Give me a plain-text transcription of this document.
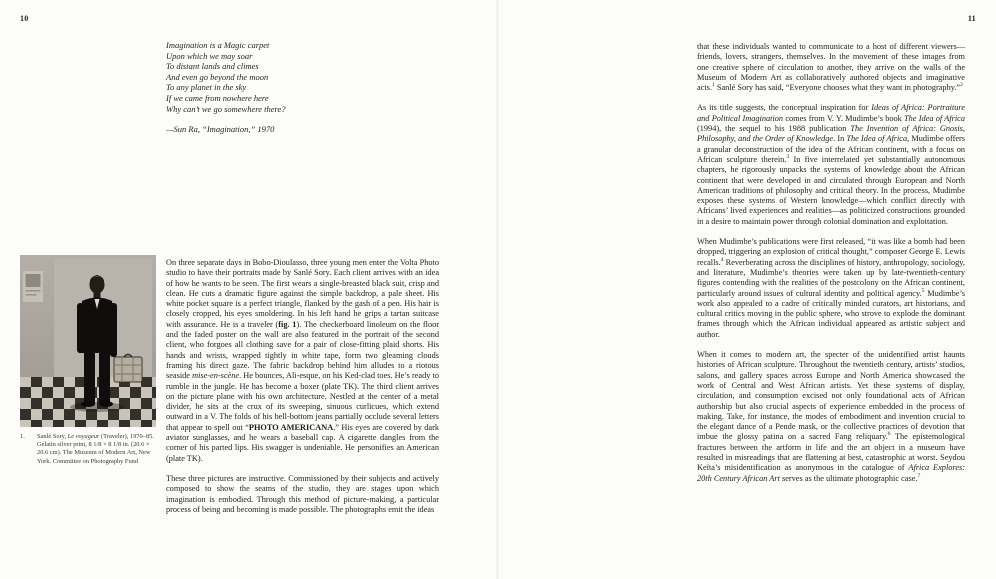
10
Imagination is a Magic carpet
Upon which we may soar
To distant lands and climes
And even go beyond the moon
To any planet in the sky
If we came from nowhere here
Why can’t we go somewhere there?
—Sun Ra, “Imagination,” 1970
1.	Sanlé Sory, Le voyageur (Traveler), 1970–85. Gelatin silver print, 8 1/8 × 8 1/8 in. (20.6 × 20.6 cm). The Museum of Modern Art, New York. Committee on Photography Fund

On three separate days in Bobo-Dioulasso, three young men enter the Volta Photo studio to have their portraits made by Sanlé Sory. Each client arrives with an idea of how he wants to be seen. The first wears a single-breasted black suit, crisp and clean. He cuts a dramatic figure against the simple backdrop, a pale sheet. His white pocket square is a perfect triangle, flanked by the gash of a pen. His hair is closely cropped, his eyes smoldering. In his left hand he grips a tartan suitcase with assurance. He is a traveler (fig. 1). The checkerboard linoleum on the floor and the faded poster on the wall are also featured in the portrait of the second client, who forgoes all clothing save for a pair of close-fitting plaid shorts. His hands and wrists, wrapped tightly in white tape, form two gleaming clouds framing his direct gaze. The fabric backdrop behind him alludes to a riotous seaside mise-en-scène. He bounces, Ali-esque, on his Ked-clad toes. He’s ready to rumble in the jungle. He has become a boxer (plate TK). The third client arrives on the picture plane with his own architecture. Nestled at the center of a metal divider, he sits at the crux of its sweeping, sinuous curlicues, which extend outward in a V. The folds of his bell-bottom jeans partially occlude several letters that appear to spell out “PHOTO AMERICANA.” His eyes are covered by dark aviator sunglasses, and he wears a baseball cap. A cigarette dangles from the corner of his parted lips. His swagger is undeniable. He personifies an American (plate TK).

These three pictures are instructive. Commissioned by their subjects and actively composed to show the seams of the studio, they are stages upon which imagination is embodied. Through this method of picture-making, a particular process of being and becoming is made possible. The photographs emit the ideas

11

that these individuals wanted to communicate to a host of different viewers—friends, lovers, strangers, themselves. In the movement of these images from one creative sphere of circulation to another, they arrive on the walls of the Museum of Modern Art as collaboratively authored objects and imaginative acts.$^1$ Sanlé Sory has said, “Everyone chooses what they want in photography.”$^2$

As its title suggests, the conceptual inspiration for Ideas of Africa: Portraiture and Political Imagination comes from V. Y. Mudimbe’s book The Idea of Africa (1994), the sequel to his 1988 publication The Invention of Africa: Gnosis, Philosophy, and the Order of Knowledge. In The Idea of Africa, Mudimbe offers a granular deconstruction of the idea of the African continent, with a focus on African sculpture therein.$^3$ In five interrelated yet substantially autonomous chapters, he rigorously unpacks the systems of knowledge about the African continent that were developed in and circulated through European and North American traditions of philosophy and critical theory. In the process, Mudimbe exposes these systems of Western knowledge—which conflict directly with Africans’ lived experiences and realities—as politicized constructions grounded in a desire to maintain power through colonial domination and exploitation.

When Mudimbe’s publications were first released, “it was like a bomb had been dropped, triggering an explosion of critical thought,” composer George E. Lewis recalls.$^4$ Reverberating across the disciplines of history, anthropology, sociology, and literature, Mudimbe’s theories were taken up by late-twentieth-century figures contending with the realities of the postcolony on the African continent, particularly around issues of cultural identity and political agency.$^5$ Mudimbe’s work also appealed to a cadre of critically minded curators, art historians, and cultural critics moving in the public sphere, who strove to explode the dominant frames through which the African individual appeared as artistic subject and author.

When it comes to modern art, the specter of the unidentified artist haunts histories of African sculpture. Throughout the twentieth century, artists’ studios, salons, and gallery spaces across Europe and North America showcased the work of Central and West African artists. Yet these systems of display, circulation, and consumption excised not only foundational acts of African authorship but also crucial aspects of experience embedded in the process of making. Take, for instance, the modes of embodiment and invention crucial to the elegant dance of a Pende mask, or the collective practices of devotion that imbue the glossy patina on a sacred Fang reliquary.$^6$ The epistemological fractures between the artform in life and the art object in a museum have resulted in misreadings that are flattening at best, catastrophic at worst. Seydou Keïta’s misidentification as anonymous in the catalogue of Africa Explores: 20th Century African Art serves as the ultimate photographic case.$^7$
